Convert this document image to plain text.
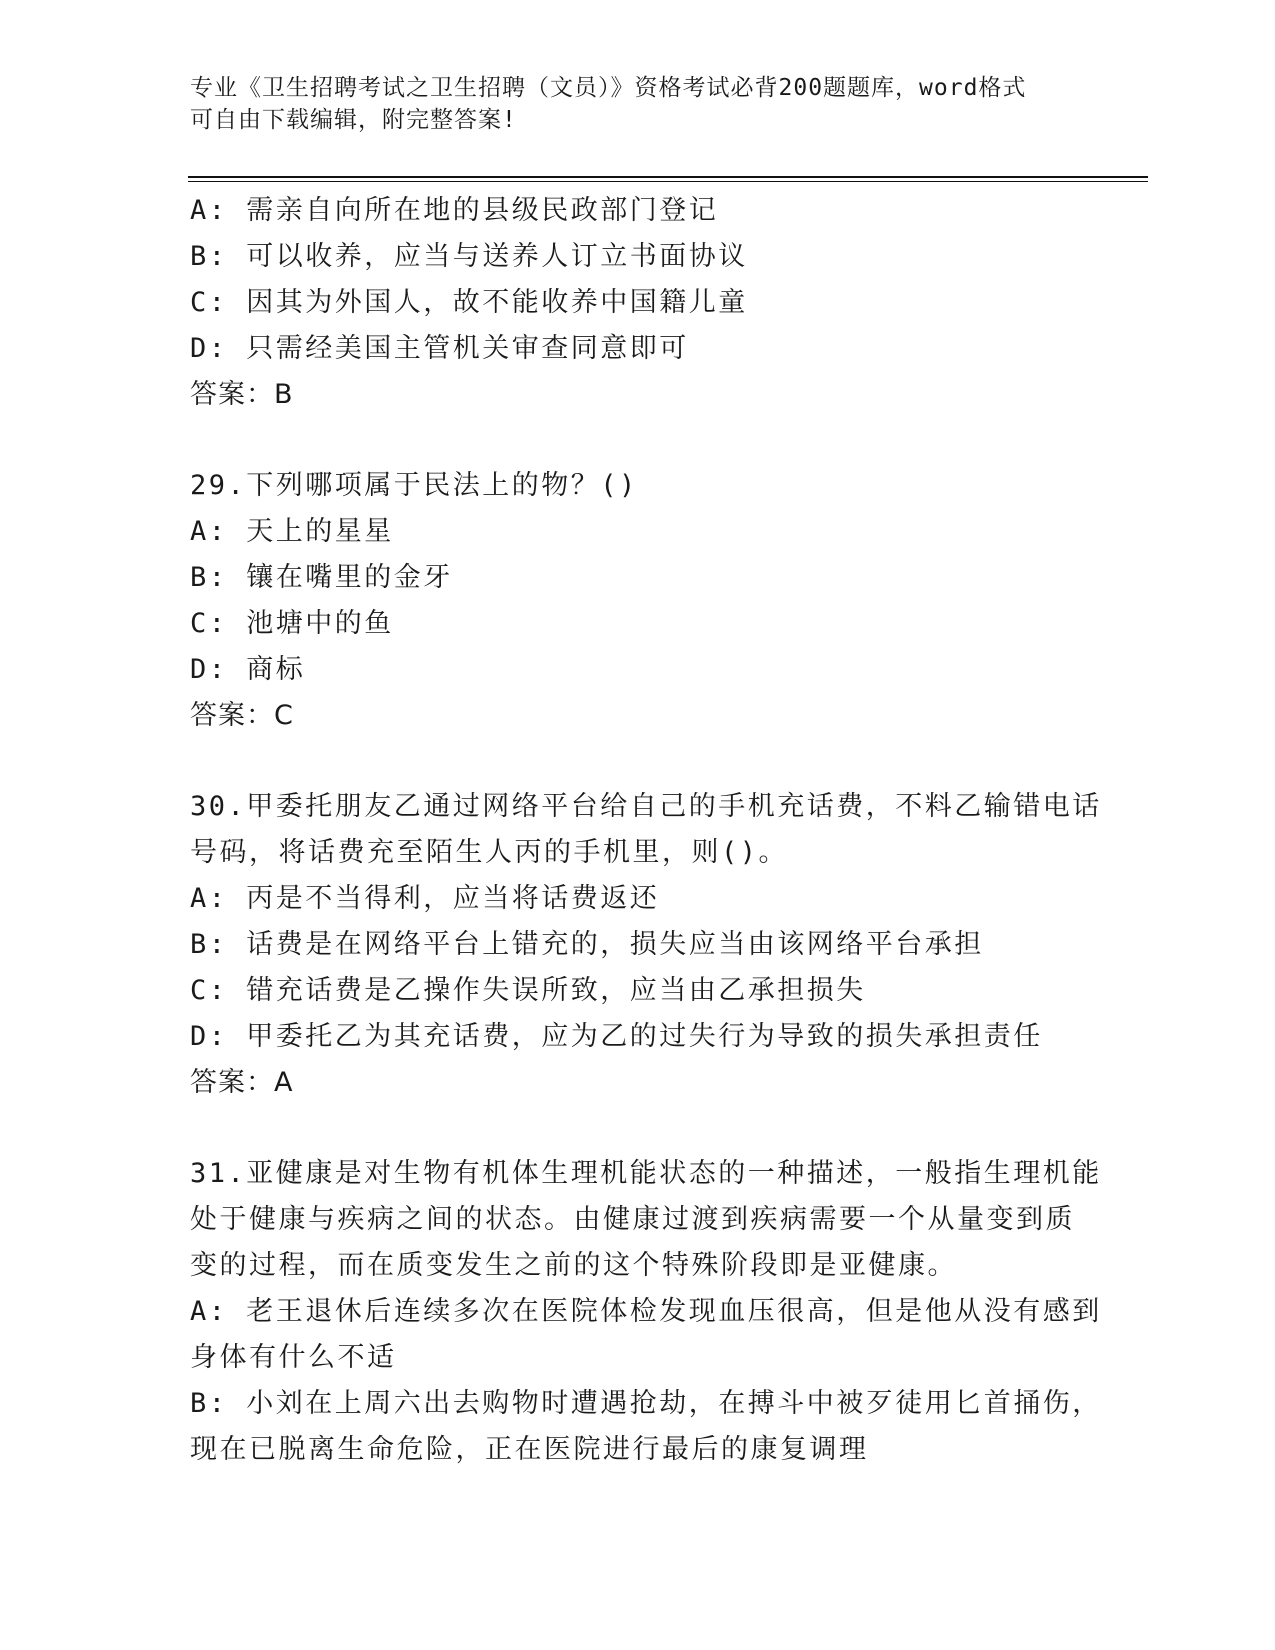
专业《卫生招聘考试之卫生招聘（文员）》资格考试必背200题题库，word格式
可自由下载编辑，附完整答案!
A: 需亲自向所在地的县级民政部门登记
B: 可以收养，应当与送养人订立书面协议
C: 因其为外国人，故不能收养中国籍儿童
D: 只需经美国主管机关审查同意即可
答案：B
29.下列哪项属于民法上的物？()
A: 天上的星星
B: 镶在嘴里的金牙
C: 池塘中的鱼
D: 商标
答案：C
30.甲委托朋友乙通过网络平台给自己的手机充话费，不料乙输错电话
号码，将话费充至陌生人丙的手机里，则()。
A: 丙是不当得利，应当将话费返还
B: 话费是在网络平台上错充的，损失应当由该网络平台承担
C: 错充话费是乙操作失误所致，应当由乙承担损失
D: 甲委托乙为其充话费，应为乙的过失行为导致的损失承担责任
答案：A
31.亚健康是对生物有机体生理机能状态的一种描述，一般指生理机能
处于健康与疾病之间的状态。由健康过渡到疾病需要一个从量变到质
变的过程，而在质变发生之前的这个特殊阶段即是亚健康。
A: 老王退休后连续多次在医院体检发现血压很高，但是他从没有感到
身体有什么不适
B: 小刘在上周六出去购物时遭遇抢劫，在搏斗中被歹徒用匕首捅伤，
现在已脱离生命危险，正在医院进行最后的康复调理
